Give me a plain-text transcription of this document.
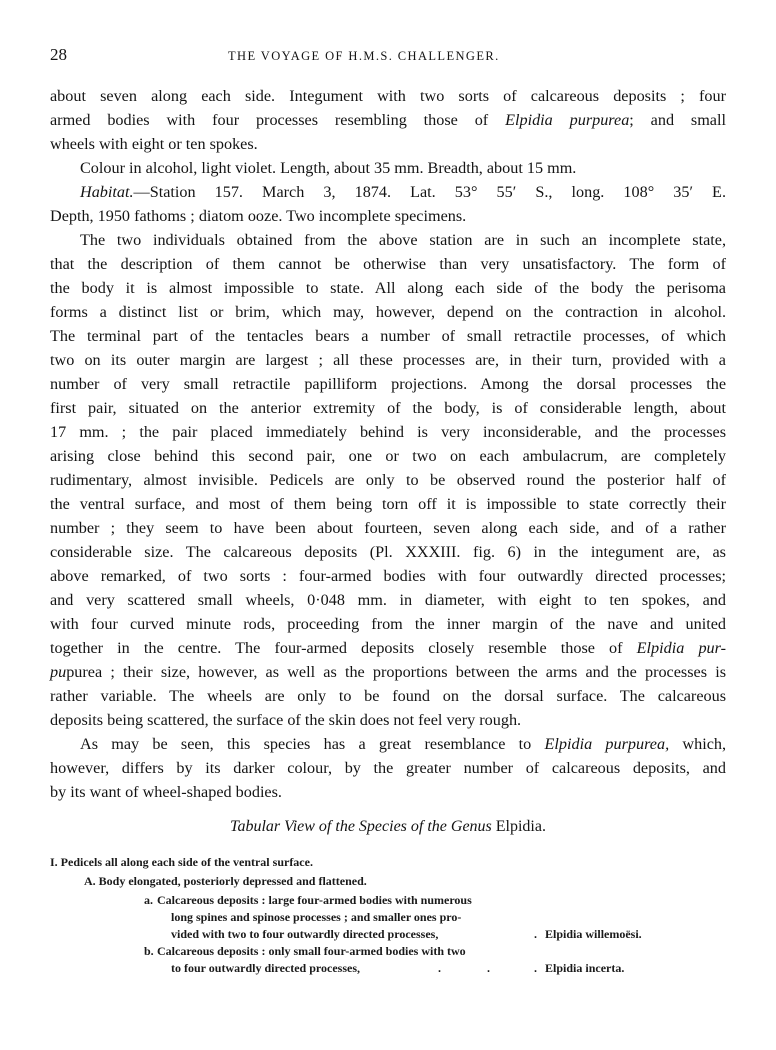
28	THE VOYAGE OF H.M.S. CHALLENGER.
about seven along each side. Integument with two sorts of calcareous deposits ; four
armed bodies with four processes resembling those of Elpidia purpurea; and small
wheels with eight or ten spokes.
Colour in alcohol, light violet. Length, about 35 mm. Breadth, about 15 mm.
Habitat.—Station 157. March 3, 1874. Lat. 53° 55′ S., long. 108° 35′ E.
Depth, 1950 fathoms ; diatom ooze. Two incomplete specimens.
The two individuals obtained from the above station are in such an incomplete state,
that the description of them cannot be otherwise than very unsatisfactory. The form of
the body it is almost impossible to state. All along each side of the body the perisoma
forms a distinct list or brim, which may, however, depend on the contraction in alcohol.
The terminal part of the tentacles bears a number of small retractile processes, of which
two on its outer margin are largest ; all these processes are, in their turn, provided with a
number of very small retractile papilliform projections. Among the dorsal processes the
first pair, situated on the anterior extremity of the body, is of considerable length, about
17 mm. ; the pair placed immediately behind is very inconsiderable, and the processes
arising close behind this second pair, one or two on each ambulacrum, are completely
rudimentary, almost invisible. Pedicels are only to be observed round the posterior half of
the ventral surface, and most of them being torn off it is impossible to state correctly their
number ; they seem to have been about fourteen, seven along each side, and of a rather
considerable size. The calcareous deposits (Pl. XXXIII. fig. 6) in the integument are, as
above remarked, of two sorts : four-armed bodies with four outwardly directed processes;
and very scattered small wheels, 0·048 mm. in diameter, with eight to ten spokes, and
with four curved minute rods, proceeding from the inner margin of the nave and united
together in the centre. The four-armed deposits closely resemble those of Elpidia pur-
pupurea ; their size, however, as well as the proportions between the arms and the processes is
rather variable. The wheels are only to be found on the dorsal surface. The calcareous
deposits being scattered, the surface of the skin does not feel very rough.
As may be seen, this species has a great resemblance to Elpidia purpurea, which,
however, differs by its darker colour, by the greater number of calcareous deposits, and
by its want of wheel-shaped bodies.
Tabular View of the Species of the Genus Elpidia.
I. Pedicels all along each side of the ventral surface.
A. Body elongated, posteriorly depressed and flattened.
a. Calcareous deposits : large four-armed bodies with numerous
long spines and spinose processes ; and smaller ones pro-
vided with two to four outwardly directed processes,	. Elpidia willemoësi.
b. Calcareous deposits : only small four-armed bodies with two
to four outwardly directed processes,	.	.	. Elpidia incerta.
